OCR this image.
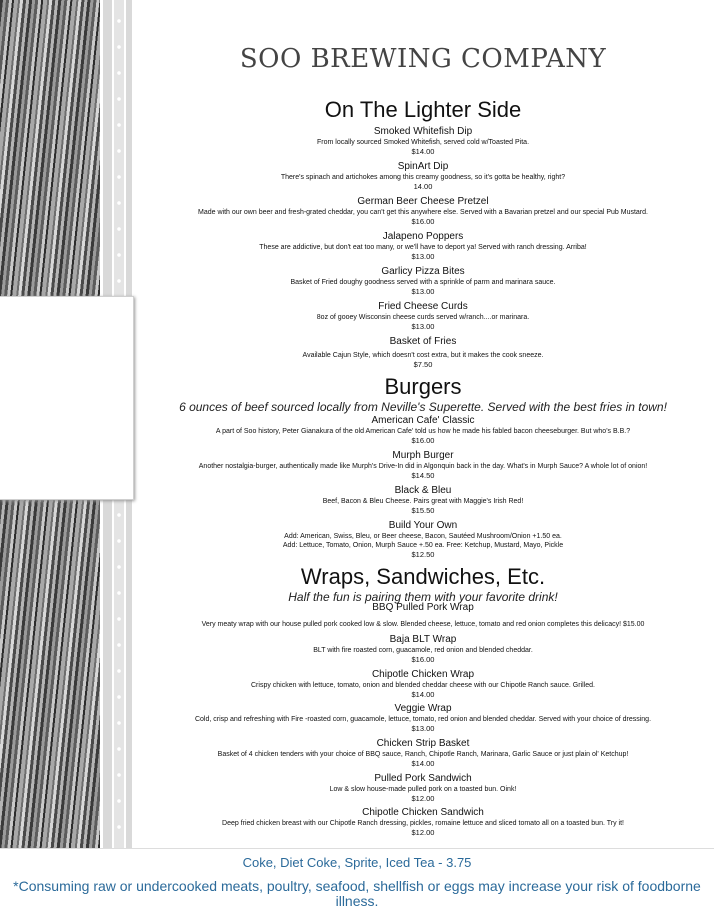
SOO BREWING COMPANY
On The Lighter Side
Smoked Whitefish Dip
From locally sourced Smoked Whitefish, served cold w/Toasted Pita.
$14.00
SpinArt Dip
There's spinach and artichokes among this creamy goodness, so it's gotta be healthy, right?
14.00
German Beer Cheese Pretzel
Made with our own beer and fresh-grated cheddar, you can't get this anywhere else. Served with a Bavarian pretzel and our special Pub Mustard.
$16.00
Jalapeno Poppers
These are addictive, but don't eat too many, or we'll have to deport ya! Served with ranch dressing. Arriba!
$13.00
Garlicy Pizza Bites
Basket of Fried doughy goodness served with a sprinkle of parm and marinara sauce.
$13.00
Fried Cheese Curds
8oz of gooey Wisconsin cheese curds served w/ranch....or marinara.
$13.00
Basket of Fries
Available Cajun Style, which doesn't cost extra, but it makes the cook sneeze.
$7.50
Burgers
6 ounces of beef sourced locally from Neville's Superette. Served with the best fries in town!
American Cafe' Classic
A part of Soo history, Peter Gianakura of the old American Cafe' told us how he made his fabled bacon cheeseburger. But who's B.B.?
$16.00
Murph Burger
Another nostalgia-burger, authentically made like Murph's Drive-In did in Algonquin back in the day. What's in Murph Sauce? A whole lot of onion!
$14.50
Black & Bleu
Beef, Bacon & Bleu Cheese. Pairs great with Maggie's Irish Red!
$15.50
Build Your Own
Add: American, Swiss, Bleu, or Beer cheese, Bacon, Sautéed Mushroom/Onion +1.50 ea.
Add: Lettuce, Tomato, Onion, Murph Sauce +.50 ea. Free: Ketchup, Mustard, Mayo, Pickle
$12.50
Wraps, Sandwiches, Etc.
Half the fun is pairing them with your favorite drink!
BBQ Pulled Pork Wrap
Very meaty wrap with our house pulled pork cooked low & slow. Blended cheese, lettuce, tomato and red onion completes this delicacy! $15.00
Baja BLT Wrap
BLT with fire roasted corn, guacamole, red onion and blended cheddar.
$16.00
Chipotle Chicken Wrap
Crispy chicken with lettuce, tomato, onion and blended cheddar cheese with our Chipotle Ranch sauce. Grilled.
$14.00
Veggie Wrap
Cold, crisp and refreshing with Fire -roasted corn, guacamole, lettuce, tomato, red onion and blended cheddar. Served with your choice of dressing.
$13.00
Chicken Strip Basket
Basket of 4 chicken tenders with your choice of BBQ sauce, Ranch, Chipotle Ranch, Marinara, Garlic Sauce or just plain ol' Ketchup!
$14.00
Pulled Pork Sandwich
Low & slow house-made pulled pork on a toasted bun. Oink!
$12.00
Chipotle Chicken Sandwich
Deep fried chicken breast with our Chipotle Ranch dressing, pickles, romaine lettuce and sliced tomato all on a toasted bun. Try it!
$12.00
Coke, Diet Coke, Sprite, Iced Tea - 3.75
*Consuming raw or undercooked meats, poultry, seafood, shellfish or eggs may increase your risk of foodborne illness.
